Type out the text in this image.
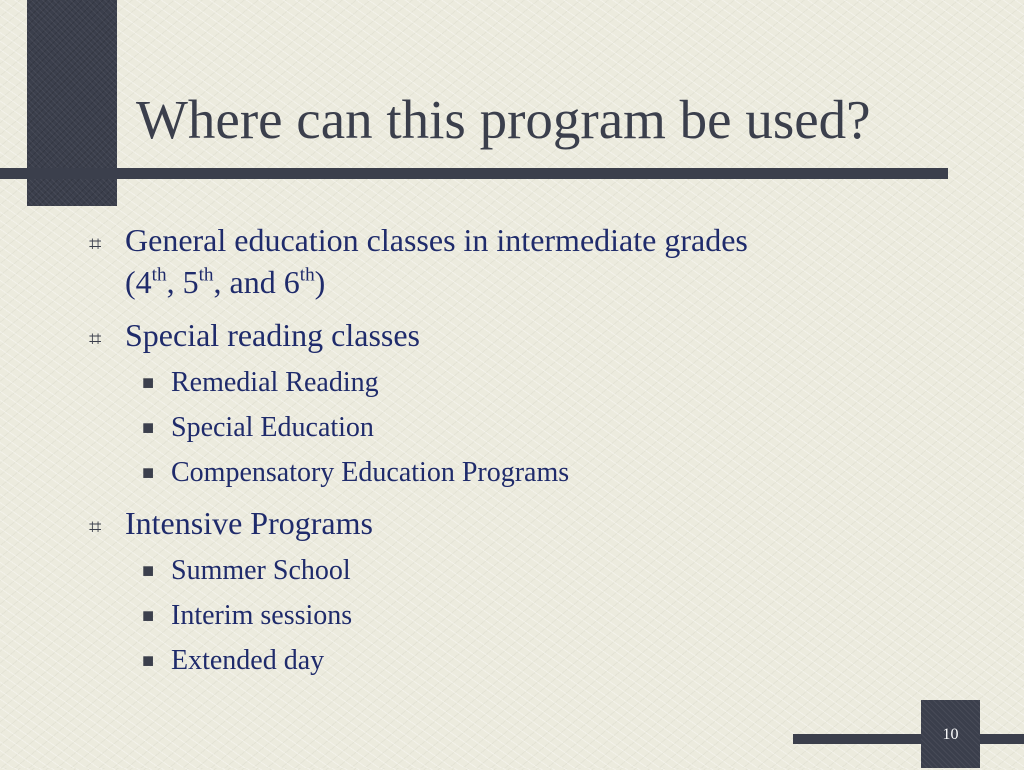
Where can this program be used?
⌗ General education classes in intermediate grades
(4th, 5th, and 6th)
⌗ Special reading classes
■ Remedial Reading
■ Special Education
■ Compensatory Education Programs
⌗ Intensive Programs
■ Summer School
■ Interim sessions
■ Extended day
10
